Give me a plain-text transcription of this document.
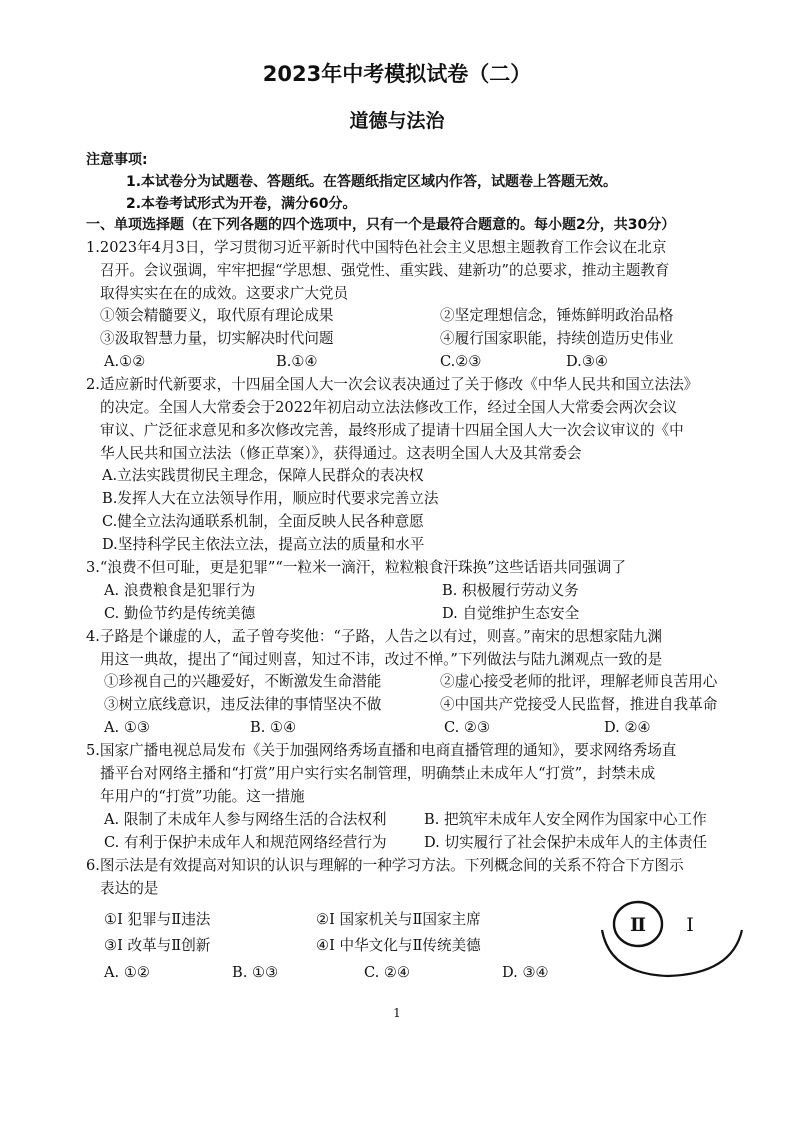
2023年中考模拟试卷（二）
道德与法治
注意事项:
1.本试卷分为试题卷、答题纸。在答题纸指定区域内作答，试题卷上答题无效。
2.本卷考试形式为开卷，满分60分。
一、单项选择题（在下列各题的四个选项中，只有一个是最符合题意的。每小题2分，共30分）
1.2023年4月3日，学习贯彻习近平新时代中国特色社会主义思想主题教育工作会议在北京
召开。会议强调，牢牢把握“学思想、强党性、重实践、建新功”的总要求，推动主题教育
取得实实在在的成效。这要求广大党员
①领会精髓要义，取代原有理论成果	②坚定理想信念，锤炼鲜明政治品格
③汲取智慧力量，切实解决时代问题	④履行国家职能，持续创造历史伟业
A.①②	B.①④	C.②③	D.③④
2.适应新时代新要求，十四届全国人大一次会议表决通过了关于修改《中华人民共和国立法法》
的决定。全国人大常委会于2022年初启动立法法修改工作，经过全国人大常委会两次会议
审议、广泛征求意见和多次修改完善，最终形成了提请十四届全国人大一次会议审议的《中
华人民共和国立法法（修正草案）》，获得通过。这表明全国人大及其常委会
A.立法实践贯彻民主理念，保障人民群众的表决权
B.发挥人大在立法领导作用，顺应时代要求完善立法
C.健全立法沟通联系机制，全面反映人民各种意愿
D.坚持科学民主依法立法，提高立法的质量和水平
3.“浪费不但可耻，更是犯罪”“一粒米一滴汗，粒粒粮食汗珠换”这些话语共同强调了
A. 浪费粮食是犯罪行为	B. 积极履行劳动义务
C. 勤俭节约是传统美德	D. 自觉维护生态安全
4.子路是个谦虚的人，孟子曾夸奖他：“子路，人告之以有过，则喜。”南宋的思想家陆九渊
用这一典故，提出了“闻过则喜，知过不讳，改过不惮。”下列做法与陆九渊观点一致的是
①珍视自己的兴趣爱好，不断激发生命潜能	②虚心接受老师的批评，理解老师良苦用心
③树立底线意识，违反法律的事情坚决不做	④中国共产党接受人民监督，推进自我革命
A. ①③	B. ①④	C. ②③	D. ②④
5.国家广播电视总局发布《关于加强网络秀场直播和电商直播管理的通知》，要求网络秀场直
播平台对网络主播和“打赏”用户实行实名制管理，明确禁止未成年人“打赏”，封禁未成
年用户的“打赏”功能。这一措施
A. 限制了未成年人参与网络生活的合法权利	B. 把筑牢未成年人安全网作为国家中心工作
C. 有利于保护未成年人和规范网络经营行为	D. 切实履行了社会保护未成年人的主体责任
6.图示法是有效提高对知识的认识与理解的一种学习方法。下列概念间的关系不符合下方图示
表达的是
①I 犯罪与Ⅱ违法	②I 国家机关与Ⅱ国家主席
③I 改革与Ⅱ创新	④I 中华文化与Ⅱ传统美德
A. ①②	B. ①③	C. ②④	D. ③④
Ⅱ I
1
